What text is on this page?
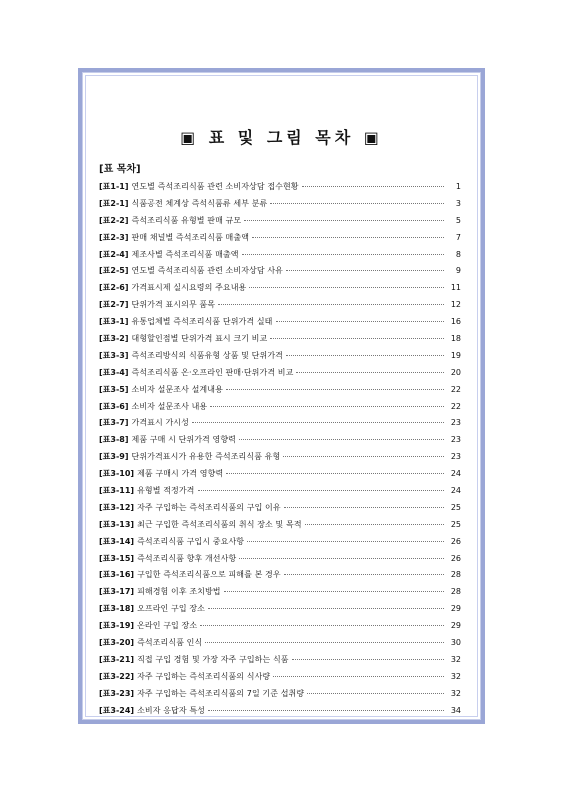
▣ 표 및 그림 목차 ▣
[표 목차]
[표1-1] 연도별 즉석조리식품 관련 소비자상담 접수현황	1
[표2-1] 식품공전 체계상 즉석식품류 세부 분류	3
[표2-2] 즉석조리식품 유형별 판매 규모	5
[표2-3] 판매 채널별 즉석조리식품 매출액	7
[표2-4] 제조사별 즉석조리식품 매출액	8
[표2-5] 연도별 즉석조리식품 관련 소비자상담 사유	9
[표2-6] 가격표시제 실시요령의 주요내용	11
[표2-7] 단위가격 표시의무 품목	12
[표3-1] 유통업체별 즉석조리식품 단위가격 실태	16
[표3-2] 대형할인점별 단위가격 표시 크기 비교	18
[표3-3] 즉석조리방식의 식품유형 상품 및 단위가격	19
[표3-4] 즉석조리식품 온·오프라인 판매·단위가격 비교	20
[표3-5] 소비자 설문조사 설계내용	22
[표3-6] 소비자 설문조사 내용	22
[표3-7] 가격표시 가시성	23
[표3-8] 제품 구매 시 단위가격 영향력	23
[표3-9] 단위가격표시가 유용한 즉석조리식품 유형	23
[표3-10] 제품 구매시 가격 영향력	24
[표3-11] 유형별 적정가격	24
[표3-12] 자주 구입하는 즉석조리식품의 구입 이유	25
[표3-13] 최근 구입한 즉석조리식품의 취식 장소 및 목적	25
[표3-14] 즉석조리식품 구입시 중요사항	26
[표3-15] 즉석조리식품 향후 개선사항	26
[표3-16] 구입한 즉석조리식품으로 피해를 본 경우	28
[표3-17] 피해경험 이후 조치방법	28
[표3-18] 오프라인 구입 장소	29
[표3-19] 온라인 구입 장소	29
[표3-20] 즉석조리식품 인식	30
[표3-21] 직접 구입 경험 및 가장 자주 구입하는 식품	32
[표3-22] 자주 구입하는 즉석조리식품의 식사량	32
[표3-23] 자주 구입하는 즉석조리식품의 7일 기준 섭취량	32
[표3-24] 소비자 응답자 특성	34
